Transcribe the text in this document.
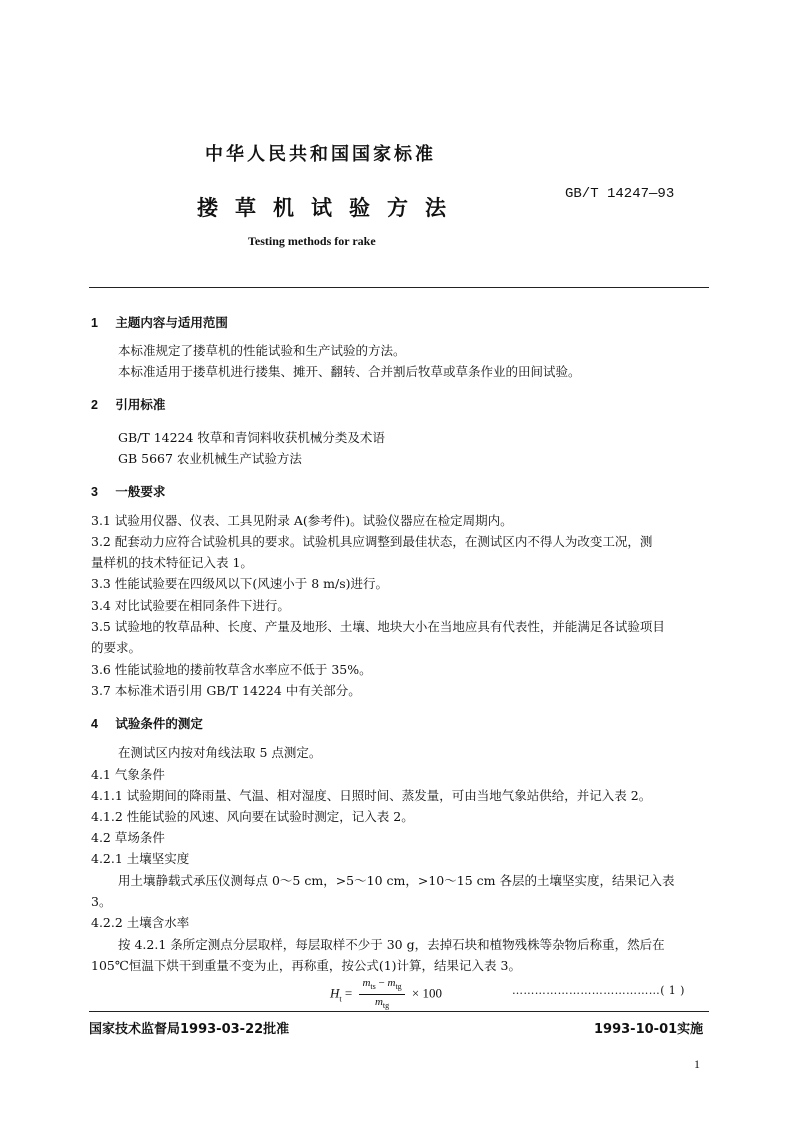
中华人民共和国国家标准
搂草机试验方法
GB/T 14247—93
Testing methods for rake
1 主题内容与适用范围
本标准规定了搂草机的性能试验和生产试验的方法。
本标准适用于搂草机进行搂集、摊开、翻转、合并割后牧草或草条作业的田间试验。
2 引用标准
GB/T 14224 牧草和青饲料收获机械分类及术语
GB 5667 农业机械生产试验方法
3 一般要求
3.1 试验用仪器、仪表、工具见附录 A(参考件)。试验仪器应在检定周期内。
3.2 配套动力应符合试验机具的要求。试验机具应调整到最佳状态，在测试区内不得人为改变工况，测
量样机的技术特征记入表 1。
3.3 性能试验要在四级风以下(风速小于 8 m/s)进行。
3.4 对比试验要在相同条件下进行。
3.5 试验地的牧草品种、长度、产量及地形、土壤、地块大小在当地应具有代表性，并能满足各试验项目
的要求。
3.6 性能试验地的搂前牧草含水率应不低于 35%。
3.7 本标准术语引用 GB/T 14224 中有关部分。
4 试验条件的测定
在测试区内按对角线法取 5 点测定。
4.1 气象条件
4.1.1 试验期间的降雨量、气温、相对湿度、日照时间、蒸发量，可由当地气象站供给，并记入表 2。
4.1.2 性能试验的风速、风向要在试验时测定，记入表 2。
4.2 草场条件
4.2.1 土壤坚实度
用土壤静载式承压仪测每点 0～5 cm，>5～10 cm，>10～15 cm 各层的土壤坚实度，结果记入表
3。
4.2.2 土壤含水率
按 4.2.1 条所定测点分层取样，每层取样不少于 30 g，去掉石块和植物残株等杂物后称重，然后在
105℃恒温下烘干到重量不变为止，再称重，按公式(1)计算，结果记入表 3。
$H_t = \frac{m_{ts} - m_{tg}}{m_{tg}} \times 100$	…………………………………( 1 )
国家技术监督局1993-03-22批准	1993-10-01实施
1
